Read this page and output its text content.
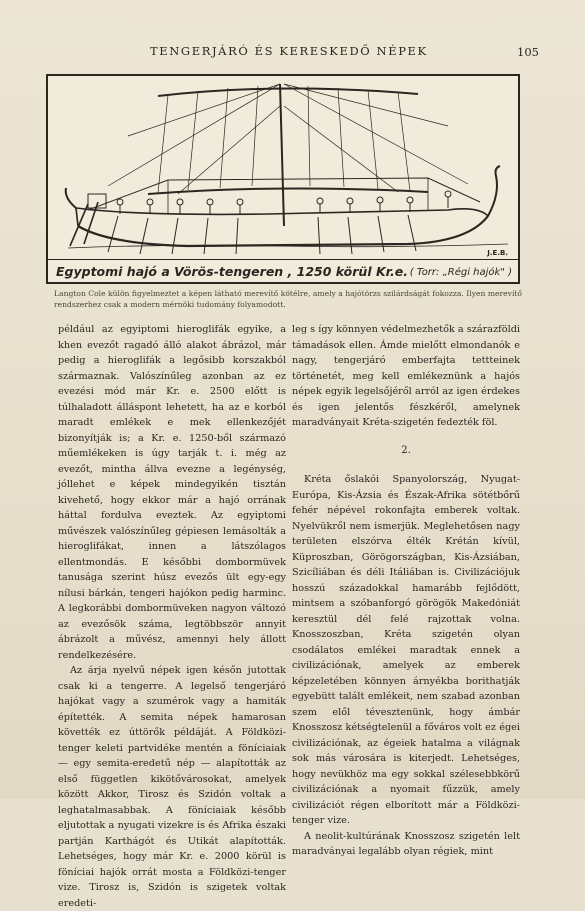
TENGERJÁRÓ ÉS KERESKEDŐ NÉPEK	105
J.E.B.
Egyptomi hajó a Vörös-tengeren , 1250 körül Kr.e. ( Torr: „Régi hajók" )
Langton Cole külön figyelmeztet a képen látható merevítő kötélre, amely a hajótörzs szilárdságát fokozza. Ilyen merevítő rendszerhez csak a modern mérnöki tudomány folyamodott.

például az egyiptomi hieroglifák egyike, a khen evezőt ragadó álló alakot ábrázol, már pedig a hieroglifák a legősibb korszakból származnak. Valószínűleg azonban az ez evezési mód már Kr. e. 2500 előtt is túlhaladott álláspont lehetett, ha az e korból maradt emlékek e mek ellenkezőjét bizonyítják is; a Kr. e. 1250-ből származó műemlékeken is úgy tarják t. i. még az evezőt, mintha állva evezne a legénység, jóllehet e képek mindegyikén tisztán kivehető, hogy ekkor már a hajó orrának háttal fordulva eveztek. Az egyiptomi művészek valószínűleg gépiesen lemásolták a hieroglifákat, innen a látszólagos ellentmondás. E későbbi dombormüvek tanusága szerint húsz evezős ült egy-egy nílusi bárkán, tengeri hajókon pedig harminc. A legkorábbi dombormüveken nagyon változó az evezősök száma, legtöbbször annyit ábrázolt a művész, amennyi hely állott rendelkezésére.

Az árja nyelvű népek igen későn jutottak csak ki a tengerre. A legelső tengerjáró hajókat vagy a szumérok vagy a hamiták építették. A semita népek hamarosan követték ez úttörők példáját. A Földközi-tenger keleti partvidéke mentén a föníciaiak — egy semita-eredetű nép — alapították az első független kikötővárosokat, amelyek között Akkor, Tirosz és Szidón voltak a leghatalmasabbak. A föníciaiak később eljutottak a nyugati vizekre is és Afrika északi partján Karthágót és Utikát alapították. Lehetséges, hogy már Kr. e. 2000 körül is föníciai hajók orrát mosta a Földközi-tenger vize. Tirosz is, Szidón is szigetek voltak eredeti-

leg s így könnyen védelmezhetők a szárazföldi támadások ellen. Ámde mielőtt elmondanók e nagy, tengerjáró emberfajta tettteinek történetét, meg kell emlékeznünk a hajós népek egyik legelsőjéről arról az igen érdekes és igen jelentős fészkéről, amelynek maradványait Kréta-szigetén fedezték föl.

2.

Kréta őslakói Spanyolország, Nyugat-Európa, Kis-Ázsia és Észak-Afrika sötétbőrű fehér népével rokonfajta emberek voltak. Nyelvükről nem ismerjük. Meglehetősen nagy területen elszórva élték Krétán kívül, Küproszban, Görögországban, Kis-Ázsiában, Szicíliában és déli Itáliában is. Civilizációjuk hosszú századokkal hamarább fejlődött, mintsem a szóbanforgó görögök Makedóniát keresztül dél felé rajzottak volna. Knosszoszban, Kréta szigetén olyan csodálatos emlékei maradtak ennek a civilizációnak, amelyek az emberek képzeletében könnyen árnyékba borithatják egyebütt talált emlékeit, nem szabad azonban szem elől tévesztenünk, hogy ámbár Knosszosz kétségtelenül a főváros volt ez égei civilizációnak, az égeiek hatalma a világnak sok más városára is kiterjedt. Lehetséges, hogy nevükhöz ma egy sokkal szélesebbkörű civilizációnak a nyomait fűzzük, amely civilizációt régen elborított már a Földközi-tenger vize.

A neolit-kultúrának Knosszosz szigetén lelt maradványai legalább olyan régiek, mint
